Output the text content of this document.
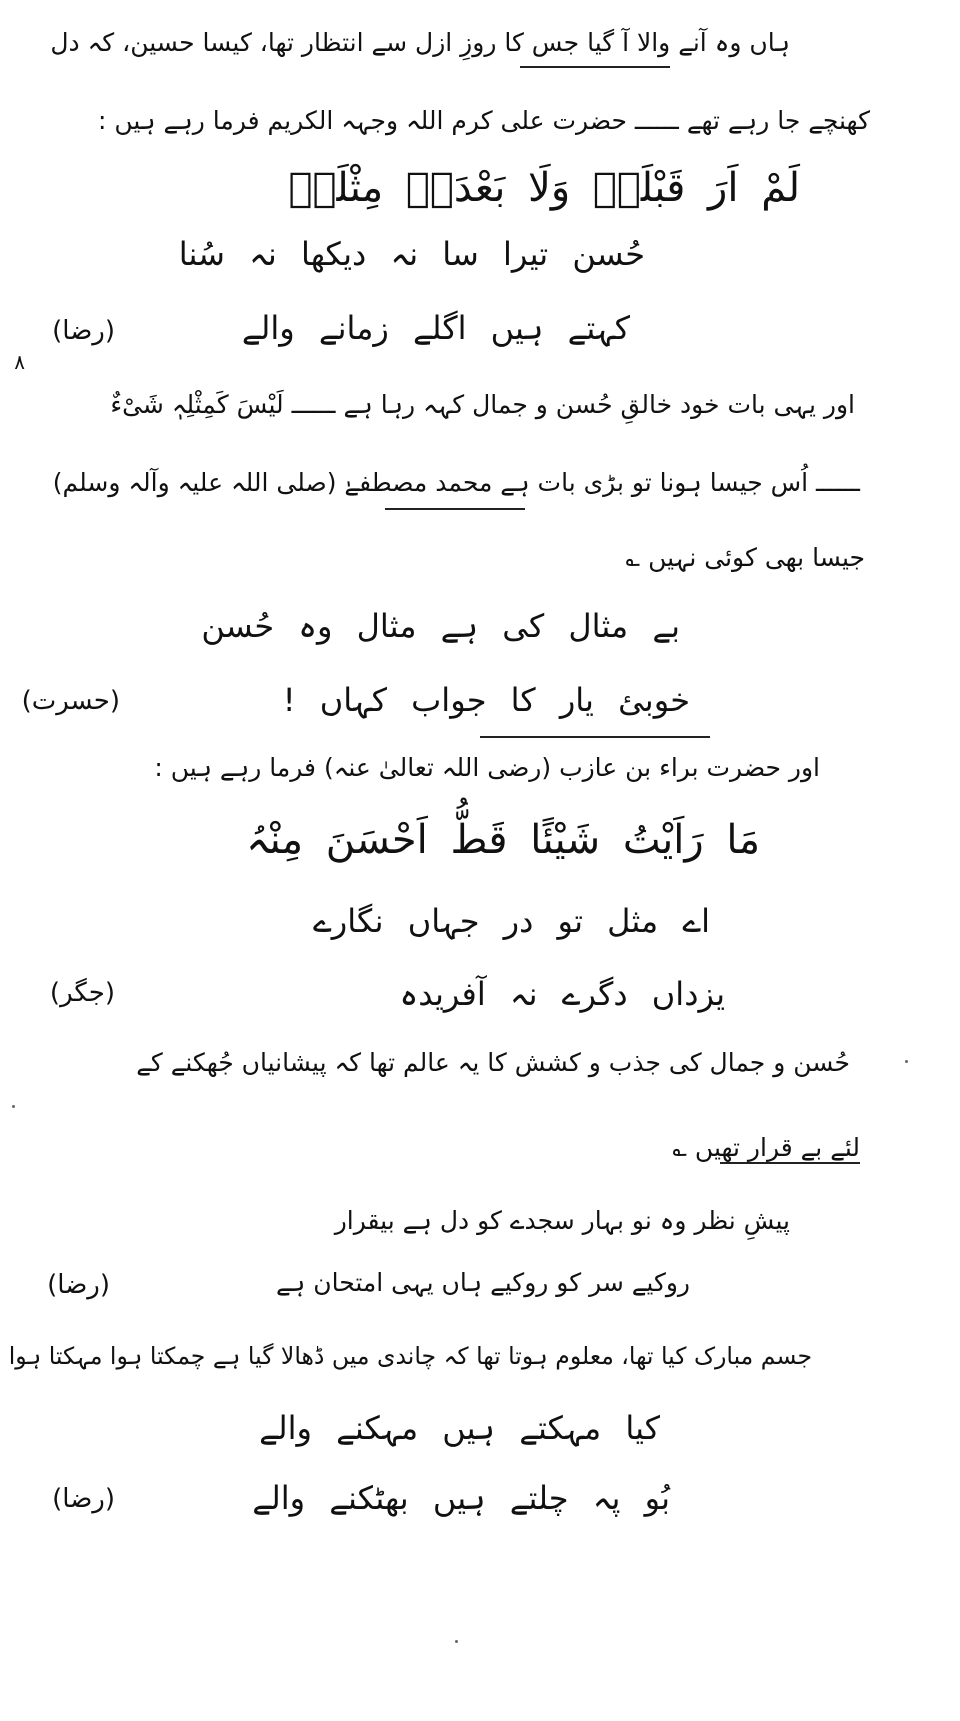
ہاں وہ آنے والا آ گیا جس کا روزِ ازل سے انتظار تھا، کیسا حسین، کہ دل
کھنچے جا رہے تھے ــــــ حضرت علی کرم اللہ وجہہ الکریم فرما رہے ہیں :
لَمْ اَرَ قَبْلَہٗ وَلَا بَعْدَہٗ مِثْلَہٗ
حُسن تیرا سا نہ دیکھا نہ سُنا
کہتے ہیں اگلے زمانے والے
(رضا)
۸
اور یہی بات خود خالقِ حُسن و جمال کہہ رہا ہے ــــــ لَیْسَ کَمِثْلِہٖ شَیْءٌ
ــــــ اُس جیسا ہونا تو بڑی بات ہے محمد مصطفےٰ (صلی اللہ علیہ وآلہ وسلم)
جیسا بھی کوئی نہیں ؎
بے مثال کی ہے مثال وہ حُسن
خوبئ یار کا جواب کہاں !
(حسرت)
اور حضرت براء بن عازب (رضی اللہ تعالیٰ عنہ) فرما رہے ہیں :
مَا رَاَیْتُ شَیْئًا قَطُّ اَحْسَنَ مِنْہُ
اے مثل تو در جہاں نگارے
یزداں دگرے نہ آفریدہ
(جگر)
حُسن و جمال کی جذب و کشش کا یہ عالم تھا کہ پیشانیاں جُھکنے کے
لئے بے قرار تھیں ؎
پیشِ نظر وہ نو بہار سجدے کو دل ہے بیقرار
روکیے سر کو روکیے ہاں یہی امتحان ہے
(رضا)
جسم مبارک کیا تھا، معلوم ہوتا تھا کہ چاندی میں ڈھالا گیا ہے چمکتا ہوا مہکتا ہوا
کیا مہکتے ہیں مہکنے والے
بُو پہ چلتے ہیں بھٹکنے والے
(رضا)
